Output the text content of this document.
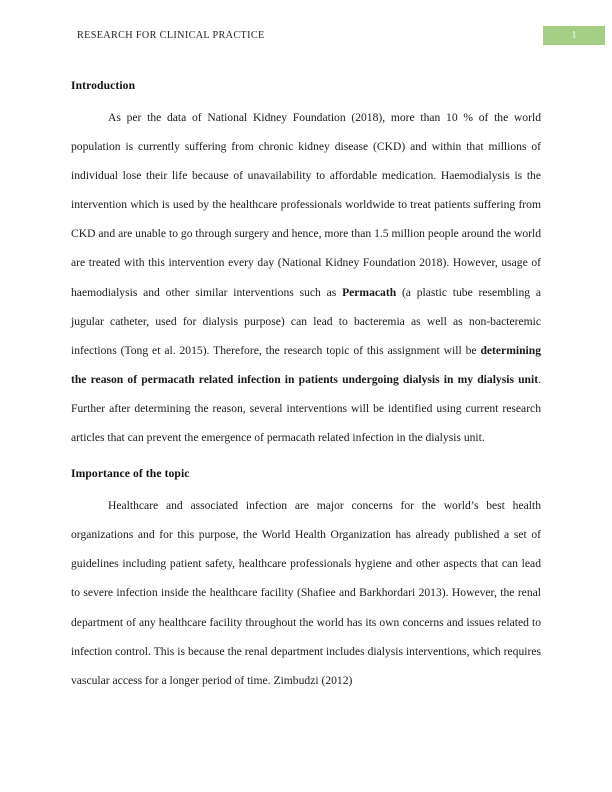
RESEARCH FOR CLINICAL PRACTICE	1
Introduction

As per the data of National Kidney Foundation (2018), more than 10 % of the world population is currently suffering from chronic kidney disease (CKD) and within that millions of individual lose their life because of unavailability to affordable medication. Haemodialysis is the intervention which is used by the healthcare professionals worldwide to treat patients suffering from CKD and are unable to go through surgery and hence, more than 1.5 million people around the world are treated with this intervention every day (National Kidney Foundation 2018). However, usage of haemodialysis and other similar interventions such as Permacath (a plastic tube resembling a jugular catheter, used for dialysis purpose) can lead to bacteremia as well as non-bacteremic infections (Tong et al. 2015). Therefore, the research topic of this assignment will be determining the reason of permacath related infection in patients undergoing dialysis in my dialysis unit. Further after determining the reason, several interventions will be identified using current research articles that can prevent the emergence of permacath related infection in the dialysis unit.

Importance of the topic

Healthcare and associated infection are major concerns for the world’s best health organizations and for this purpose, the World Health Organization has already published a set of guidelines including patient safety, healthcare professionals hygiene and other aspects that can lead to severe infection inside the healthcare facility (Shafiee and Barkhordari 2013). However, the renal department of any healthcare facility throughout the world has its own concerns and issues related to infection control. This is because the renal department includes dialysis interventions, which requires vascular access for a longer period of time. Zimbudzi (2012)
